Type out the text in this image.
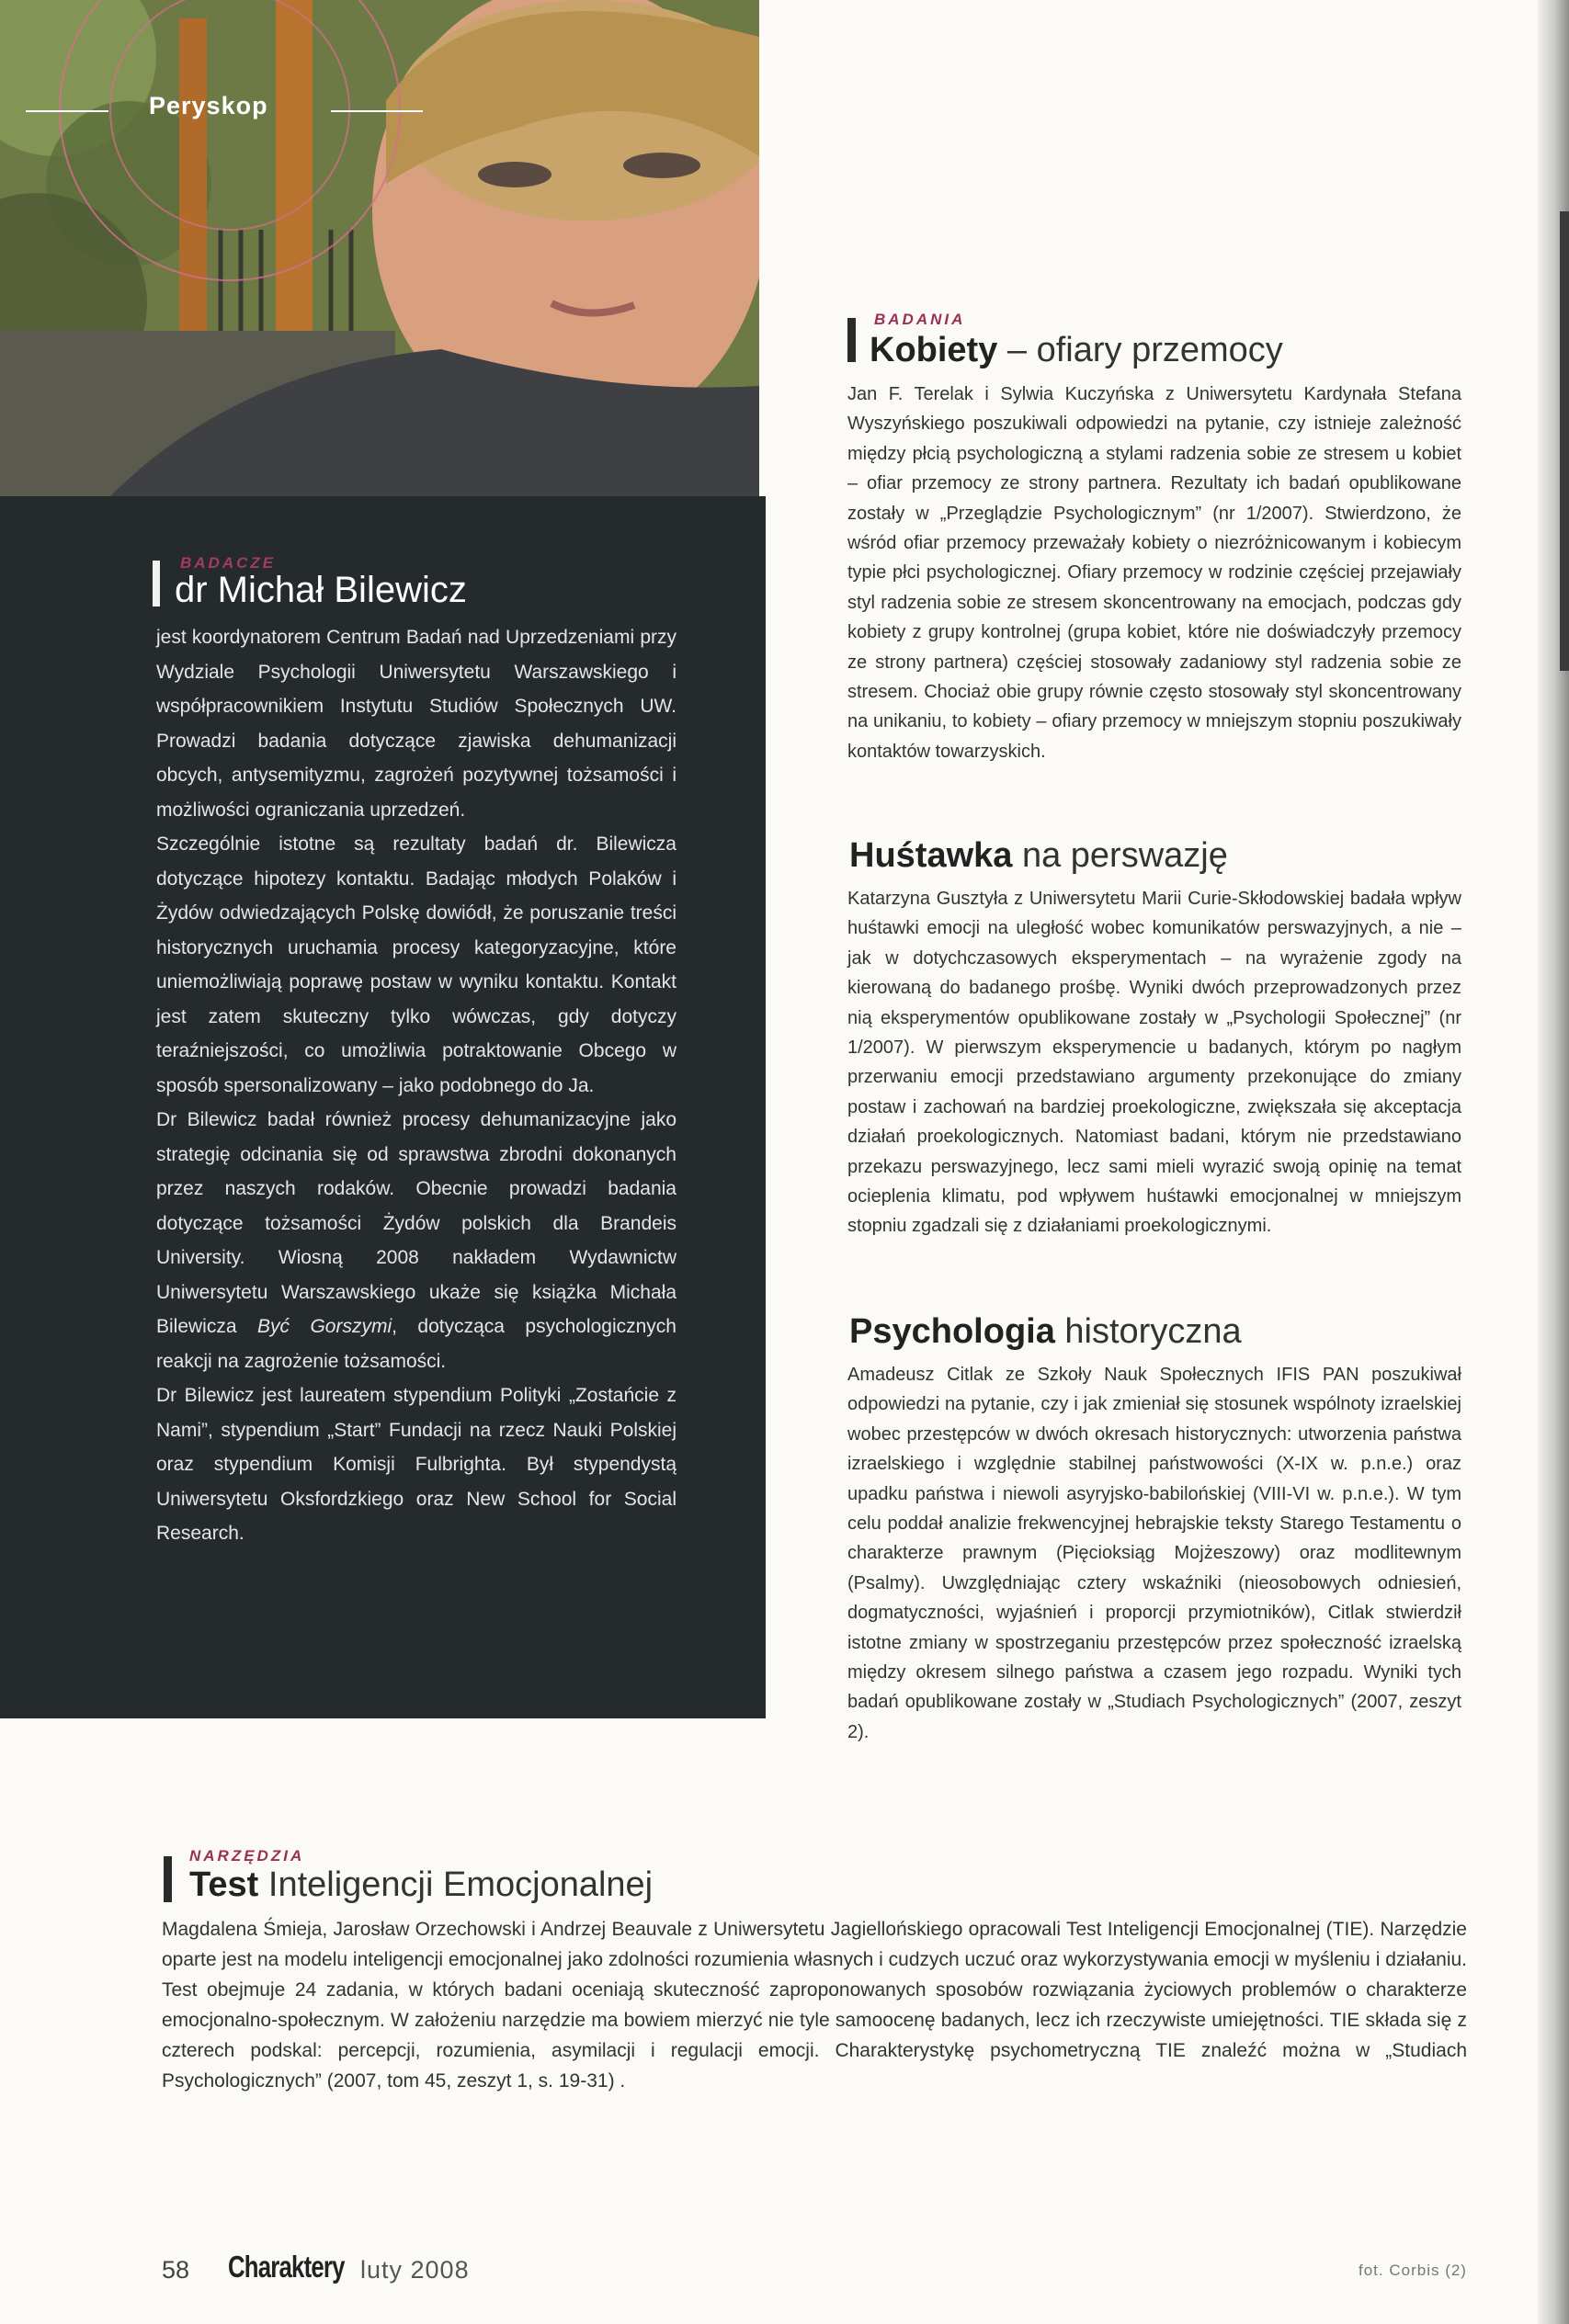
Peryskop
BADACZE
dr Michał Bilewicz

jest koordynatorem Centrum Badań nad Uprzedzeniami przy Wydziale Psychologii Uniwersytetu Warszawskiego i współpracownikiem Instytutu Studiów Społecznych UW. Prowadzi badania dotyczące zjawiska dehumanizacji obcych, antysemityzmu, zagrożeń pozytywnej tożsamości i możliwości ograniczania uprzedzeń.

Szczególnie istotne są rezultaty badań dr. Bilewicza dotyczące hipotezy kontaktu. Badając młodych Polaków i Żydów odwiedzających Polskę dowiódł, że poruszanie treści historycznych uruchamia procesy kategoryzacyjne, które uniemożliwiają poprawę postaw w wyniku kontaktu. Kontakt jest zatem skuteczny tylko wówczas, gdy dotyczy teraźniejszości, co umożliwia potraktowanie Obcego w sposób spersonalizowany – jako podobnego do Ja.

Dr Bilewicz badał również procesy dehumanizacyjne jako strategię odcinania się od sprawstwa zbrodni dokonanych przez naszych rodaków. Obecnie prowadzi badania dotyczące tożsamości Żydów polskich dla Brandeis University. Wiosną 2008 nakładem Wydawnictw Uniwersytetu Warszawskiego ukaże się książka Michała Bilewicza Być Gorszymi, dotycząca psychologicznych reakcji na zagrożenie tożsamości.

Dr Bilewicz jest laureatem stypendium Polityki „Zostańcie z Nami”, stypendium „Start” Fundacji na rzecz Nauki Polskiej oraz stypendium Komisji Fulbrighta. Był stypendystą Uniwersytetu Oksfordzkiego oraz New School for Social Research.

BADANIA
Kobiety – ofiary przemocy

Jan F. Terelak i Sylwia Kuczyńska z Uniwersytetu Kardynała Stefana Wyszyńskiego poszukiwali odpowiedzi na pytanie, czy istnieje zależność między płcią psychologiczną a stylami radzenia sobie ze stresem u kobiet – ofiar przemocy ze strony partnera. Rezultaty ich badań opublikowane zostały w „Przeglądzie Psychologicznym” (nr 1/2007). Stwierdzono, że wśród ofiar przemocy przeważały kobiety o niezróżnicowanym i kobiecym typie płci psychologicznej. Ofiary przemocy w rodzinie częściej przejawiały styl radzenia sobie ze stresem skoncentrowany na emocjach, podczas gdy kobiety z grupy kontrolnej (grupa kobiet, które nie doświadczyły przemocy ze strony partnera) częściej stosowały zadaniowy styl radzenia sobie ze stresem. Chociaż obie grupy równie często stosowały styl skoncentrowany na unikaniu, to kobiety – ofiary przemocy w mniejszym stopniu poszukiwały kontaktów towarzyskich.

Huśtawka na perswazję

Katarzyna Gusztyła z Uniwersytetu Marii Curie-Skłodowskiej badała wpływ huśtawki emocji na uległość wobec komunikatów perswazyjnych, a nie – jak w dotychczasowych eksperymentach – na wyrażenie zgody na kierowaną do badanego prośbę. Wyniki dwóch przeprowadzonych przez nią eksperymentów opublikowane zostały w „Psychologii Społecznej” (nr 1/2007). W pierwszym eksperymencie u badanych, którym po nagłym przerwaniu emocji przedstawiano argumenty przekonujące do zmiany postaw i zachowań na bardziej proekologiczne, zwiększała się akceptacja działań proekologicznych. Natomiast badani, którym nie przedstawiano przekazu perswazyjnego, lecz sami mieli wyrazić swoją opinię na temat ocieplenia klimatu, pod wpływem huśtawki emocjonalnej w mniejszym stopniu zgadzali się z działaniami proekologicznymi.

Psychologia historyczna

Amadeusz Citlak ze Szkoły Nauk Społecznych IFIS PAN poszukiwał odpowiedzi na pytanie, czy i jak zmieniał się stosunek wspólnoty izraelskiej wobec przestępców w dwóch okresach historycznych: utworzenia państwa izraelskiego i względnie stabilnej państwowości (X-IX w. p.n.e.) oraz upadku państwa i niewoli asyryjsko-babilońskiej (VIII-VI w. p.n.e.). W tym celu poddał analizie frekwencyjnej hebrajskie teksty Starego Testamentu o charakterze prawnym (Pięcioksiąg Mojżeszowy) oraz modlitewnym (Psalmy). Uwzględniając cztery wskaźniki (nieosobowych odniesień, dogmatyczności, wyjaśnień i proporcji przymiotników), Citlak stwierdził istotne zmiany w spostrzeganiu przestępców przez społeczność izraelską między okresem silnego państwa a czasem jego rozpadu. Wyniki tych badań opublikowane zostały w „Studiach Psychologicznych” (2007, zeszyt 2).

NARZĘDZIA
Test Inteligencji Emocjonalnej
Magdalena Śmieja, Jarosław Orzechowski i Andrzej Beauvale z Uniwersytetu Jagiellońskiego opracowali Test Inteligencji Emocjonalnej (TIE). Narzędzie oparte jest na modelu inteligencji emocjonalnej jako zdolności rozumienia własnych i cudzych uczuć oraz wykorzystywania emocji w myśleniu i działaniu. Test obejmuje 24 zadania, w których badani oceniają skuteczność zaproponowanych sposobów rozwiązania życiowych problemów o charakterze emocjonalno-społecznym. W założeniu narzędzie ma bowiem mierzyć nie tyle samoocenę badanych, lecz ich rzeczywiste umiejętności. TIE składa się z czterech podskal: percepcji, rozumienia, asymilacji i regulacji emocji. Charakterystykę psychometryczną TIE znaleźć można w „Studiach Psychologicznych” (2007, tom 45, zeszyt 1, s. 19-31) .
58 Charaktery luty 2008	fot. Corbis (2)
